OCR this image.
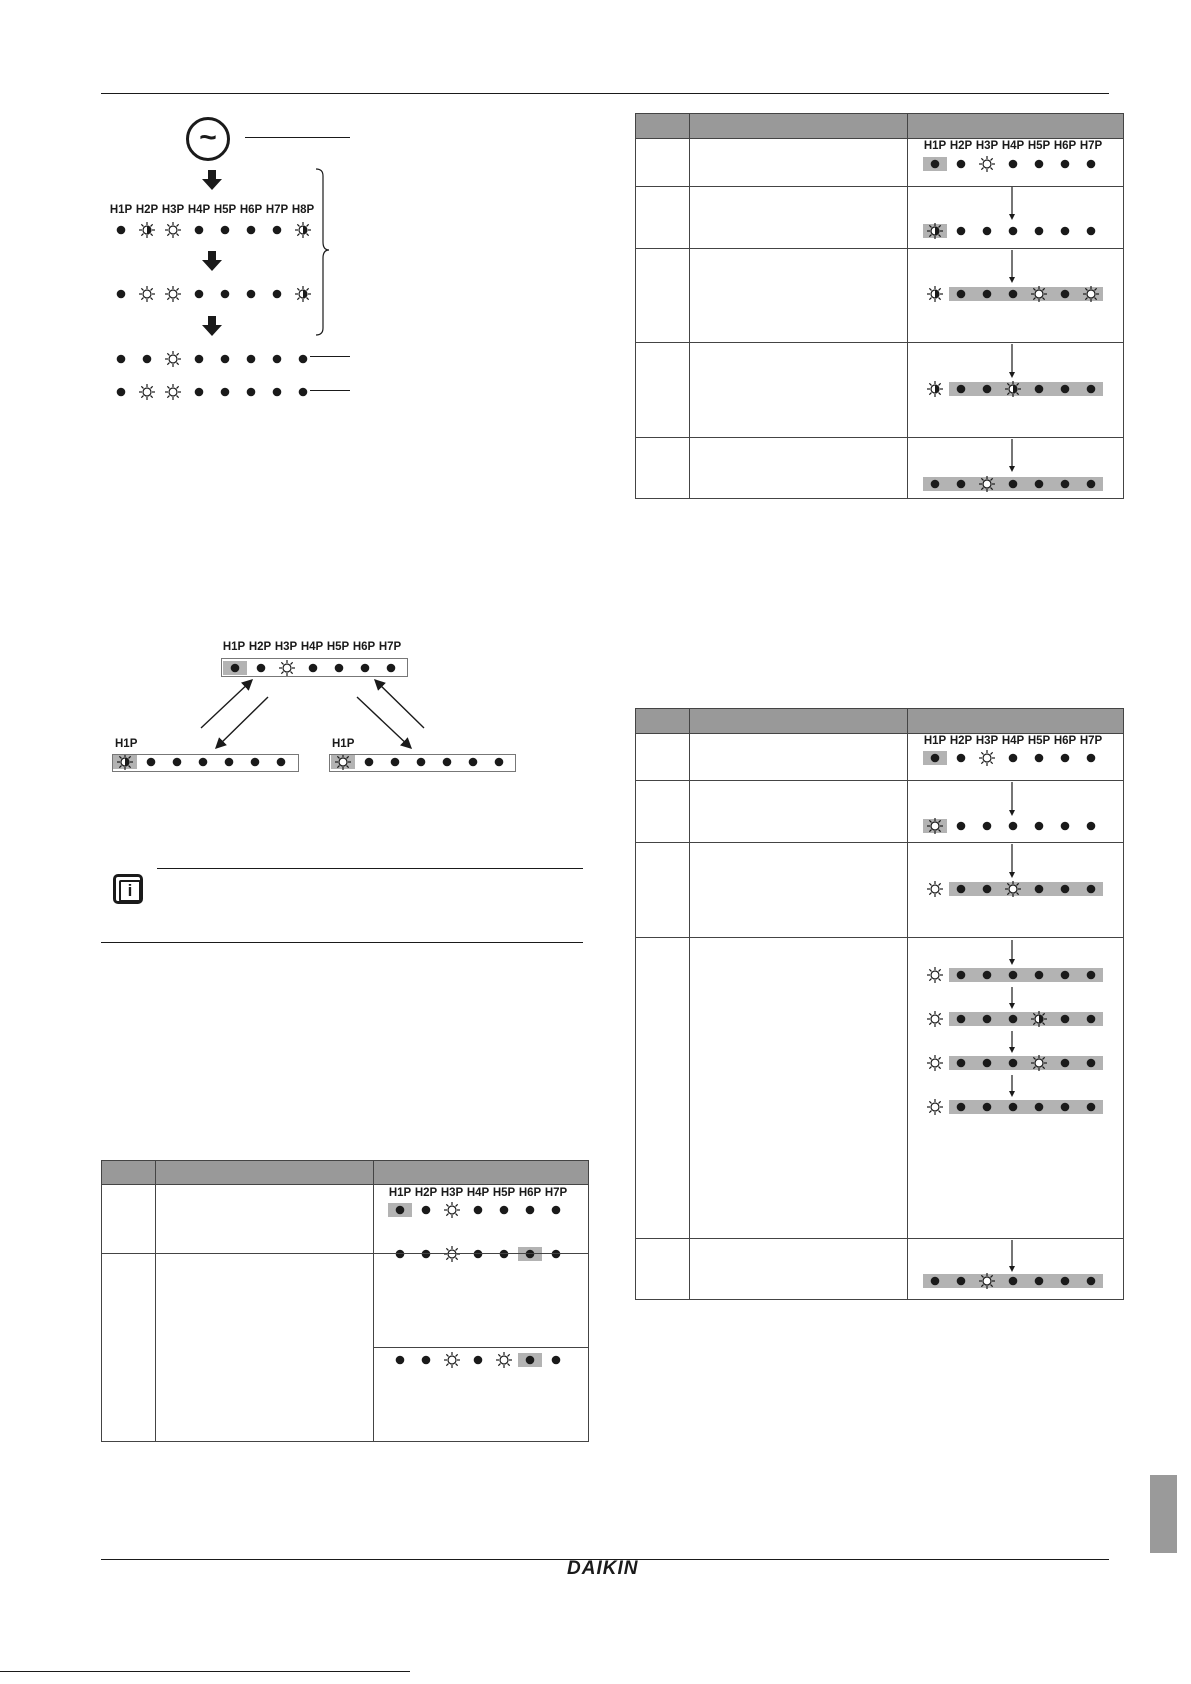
DAIKIN
~
H1P H2P H3P H4P H5P H6P H7P H8P
H1P H2P H3P H4P H5P H6P H7P
H1P	H1P
i
H1P H2P H3P H4P H5P H6P H7P
H1P H2P H3P H4P H5P H6P H7P
H1P H2P H3P H4P H5P H6P H7P
